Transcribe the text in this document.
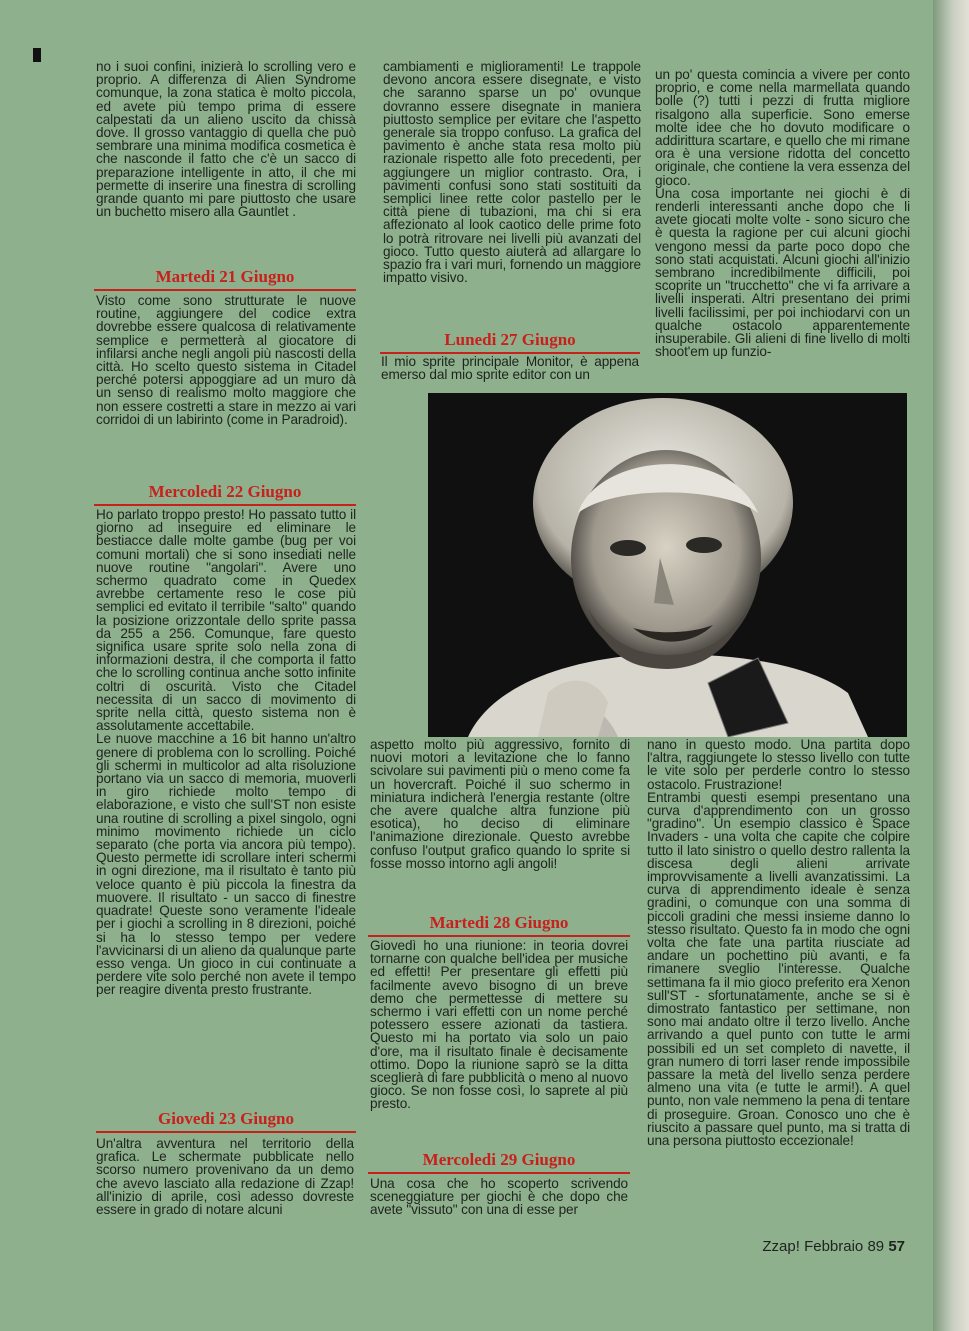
no i suoi confini, inizierà lo scrolling vero e proprio. A differenza di Alien Syndrome comunque, la zona statica è molto piccola, ed avete più tempo prima di essere calpestati da un alieno uscito da chissà dove. Il grosso vantaggio di quella che può sembrare una minima modifica cosmetica è che nasconde il fatto che c'è un sacco di preparazione intelligente in atto, il che mi permette di inserire una finestra di scrolling grande quanto mi pare piuttosto che usare un buchetto misero alla Gauntlet .

Martedi 21 Giugno

Visto come sono strutturate le nuove routine, aggiungere del codice extra dovrebbe essere qualcosa di relativamente semplice e permetterà al giocatore di infilarsi anche negli angoli più nascosti della città. Ho scelto questo sistema in Citadel perché potersi appoggiare ad un muro dà un senso di realismo molto maggiore che non essere costretti a stare in mezzo ai vari corridoi di un labirinto (come in Paradroid).

Mercoledi 22 Giugno

Ho parlato troppo presto! Ho passato tutto il giorno ad inseguire ed eliminare le bestiacce dalle molte gambe (bug per voi comuni mortali) che si sono insediati nelle nuove routine "angolari". Avere uno schermo quadrato come in Quedex avrebbe certamente reso le cose più semplici ed evitato il terribile "salto" quando la posizione orizzontale dello sprite passa da 255 a 256. Comunque, fare questo significa usare sprite solo nella zona di informazioni destra, il che comporta il fatto che lo scrolling continua anche sotto infinite coltri di oscurità. Visto che Citadel necessita di un sacco di movimento di sprite nella città, questo sistema non è assolutamente accettabile.

Le nuove macchine a 16 bit hanno un'altro genere di problema con lo scrolling. Poiché gli schermi in multicolor ad alta risoluzione portano via un sacco di memoria, muoverli in giro richiede molto tempo di elaborazione, e visto che sull'ST non esiste una routine di scrolling a pixel singolo, ogni minimo movimento richiede un ciclo separato (che porta via ancora più tempo). Questo permette idi scrollare interi schermi in ogni direzione, ma il risultato è tanto più veloce quanto è più piccola la finestra da muovere. Il risultato - un sacco di finestre quadrate! Queste sono veramente l'ideale per i giochi a scrolling in 8 direzioni, poiché si ha lo stesso tempo per vedere l'avvicinarsi di un alieno da qualunque parte esso venga. Un gioco in cui continuate a perdere vite solo perché non avete il tempo per reagire diventa presto frustrante.

Giovedi 23 Giugno

Un'altra avventura nel territorio della grafica. Le schermate pubblicate nello scorso numero provenivano da un demo che avevo lasciato alla redazione di Zzap! all'inizio di aprile, così adesso dovreste essere in grado di notare alcuni

cambiamenti e miglioramenti! Le trappole devono ancora essere disegnate, e visto che saranno sparse un po' ovunque dovranno essere disegnate in maniera piuttosto semplice per evitare che l'aspetto generale sia troppo confuso. La grafica del pavimento è anche stata resa molto più razionale rispetto alle foto precedenti, per aggiungere un miglior contrasto. Ora, i pavimenti confusi sono stati sostituiti da semplici linee rette color pastello per le città piene di tubazioni, ma chi si era affezionato al look caotico delle prime foto lo potrà ritrovare nei livelli più avanzati del gioco. Tutto questo aiuterà ad allargare lo spazio fra i vari muri, fornendo un maggiore impatto visivo.

Lunedi 27 Giugno

Il mio sprite principale Monitor, è appena emerso dal mio sprite editor con un

un po' questa comincia a vivere per conto proprio, e come nella marmellata quando bolle (?) tutti i pezzi di frutta migliore risalgono alla superficie. Sono emerse molte idee che ho dovuto modificare o addirittura scartare, e quello che mi rimane ora è una versione ridotta del concetto originale, che contiene la vera essenza del gioco.

Una cosa importante nei giochi è di renderli interessanti anche dopo che li avete giocati molte volte - sono sicuro che è questa la ragione per cui alcuni giochi vengono messi da parte poco dopo che sono stati acquistati. Alcuni giochi all'inizio sembrano incredibilmente difficili, poi scoprite un "trucchetto" che vi fa arrivare a livelli insperati. Altri presentano dei primi livelli facilissimi, per poi inchiodarvi con un qualche ostacolo apparentemente insuperabile. Gli alieni di fine livello di molti shoot'em up funzio-

aspetto molto più aggressivo, fornito di nuovi motori a levitazione che lo fanno scivolare sui pavimenti più o meno come fa un hovercraft. Poiché il suo schermo in miniatura indicherà l'energia restante (oltre che avere qualche altra funzione più esotica), ho deciso di eliminare l'animazione direzionale. Questo avrebbe confuso l'output grafico quando lo sprite si fosse mosso intorno agli angoli!

Martedi 28 Giugno

Giovedì ho una riunione: in teoria dovrei tornarne con qualche bell'idea per musiche ed effetti! Per presentare gli effetti più facilmente avevo bisogno di un breve demo che permettesse di mettere su schermo i vari effetti con un nome perché potessero essere azionati da tastiera. Questo mi ha portato via solo un paio d'ore, ma il risultato finale è decisamente ottimo. Dopo la riunione saprò se la ditta sceglierà di fare pubblicità o meno al nuovo gioco. Se non fosse così, lo saprete al più presto.

Mercoledi 29 Giugno

Una cosa che ho scoperto scrivendo sceneggiature per giochi è che dopo che avete "vissuto" con una di esse per

nano in questo modo. Una partita dopo l'altra, raggiungete lo stesso livello con tutte le vite solo per perderle contro lo stesso ostacolo. Frustrazione!

Entrambi questi esempi presentano una curva d'apprendimento con un grosso "gradino". Un esempio classico è Space Invaders - una volta che capite che colpire tutto il lato sinistro o quello destro rallenta la discesa degli alieni arrivate improvvisamente a livelli avanzatissimi. La curva di apprendimento ideale è senza gradini, o comunque con una somma di piccoli gradini che messi insieme danno lo stesso risultato. Questo fa in modo che ogni volta che fate una partita riusciate ad andare un pochettino più avanti, e fa rimanere sveglio l'interesse. Qualche settimana fa il mio gioco preferito era Xenon sull'ST - sfortunatamente, anche se si è dimostrato fantastico per settimane, non sono mai andato oltre il terzo livello. Anche arrivando a quel punto con tutte le armi possibili ed un set completo di navette, il gran numero di torri laser rende impossibile passare la metà del livello senza perdere almeno una vita (e tutte le armi!). A quel punto, non vale nemmeno la pena di tentare di proseguire. Groan. Conosco uno che è riuscito a passare quel punto, ma si tratta di una persona piuttosto eccezionale!

Zzap! Febbraio 89 57
